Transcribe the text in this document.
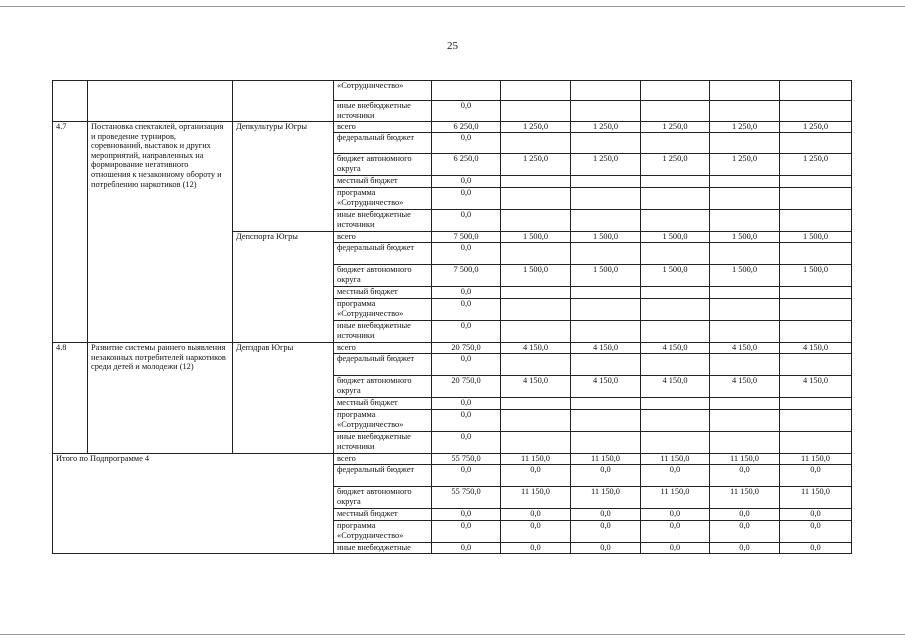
25
			«Сотрудничество»						
			иные внебюджетные источники	0,0					
4.7	Постановка спектаклей, организация и проведение турниров, соревнований, выставок и других мероприятий, направленных на формирование негативного отношения к незаконному обороту и потреблению наркотиков (12)	Депкультуры Югры	всего	6 250,0	1 250,0	1 250,0	1 250,0	1 250,0	1 250,0
			федеральный бюджет	0,0					
			бюджет автономного округа	6 250,0	1 250,0	1 250,0	1 250,0	1 250,0	1 250,0
			местный бюджет	0,0					
			программа «Сотрудничество»	0,0					
			иные внебюджетные источники	0,0					
		Депспорта Югры	всего	7 500,0	1 500,0	1 500,0	1 500,0	1 500,0	1 500,0
			федеральный бюджет	0,0					
			бюджет автономного округа	7 500,0	1 500,0	1 500,0	1 500,0	1 500,0	1 500,0
			местный бюджет	0,0					
			программа «Сотрудничество»	0,0					
			иные внебюджетные источники	0,0					
4.8	Развитие системы раннего выявления незаконных потребителей наркотиков среди детей и молодежи (12)	Депздрав Югры	всего	20 750,0	4 150,0	4 150,0	4 150,0	4 150,0	4 150,0
			федеральный бюджет	0,0					
			бюджет автономного округа	20 750,0	4 150,0	4 150,0	4 150,0	4 150,0	4 150,0
			местный бюджет	0,0					
			программа «Сотрудничество»	0,0					
			иные внебюджетные источники	0,0					
Итого по Подпрограмме 4			всего	55 750,0	11 150,0	11 150,0	11 150,0	11 150,0	11 150,0
			федеральный бюджет	0,0	0,0	0,0	0,0	0,0	0,0
			бюджет автономного округа	55 750,0	11 150,0	11 150,0	11 150,0	11 150,0	11 150,0
			местный бюджет	0,0	0,0	0,0	0,0	0,0	0,0
			программа «Сотрудничество»	0,0	0,0	0,0	0,0	0,0	0,0
			иные внебюджетные	0,0	0,0	0,0	0,0	0,0	0,0
